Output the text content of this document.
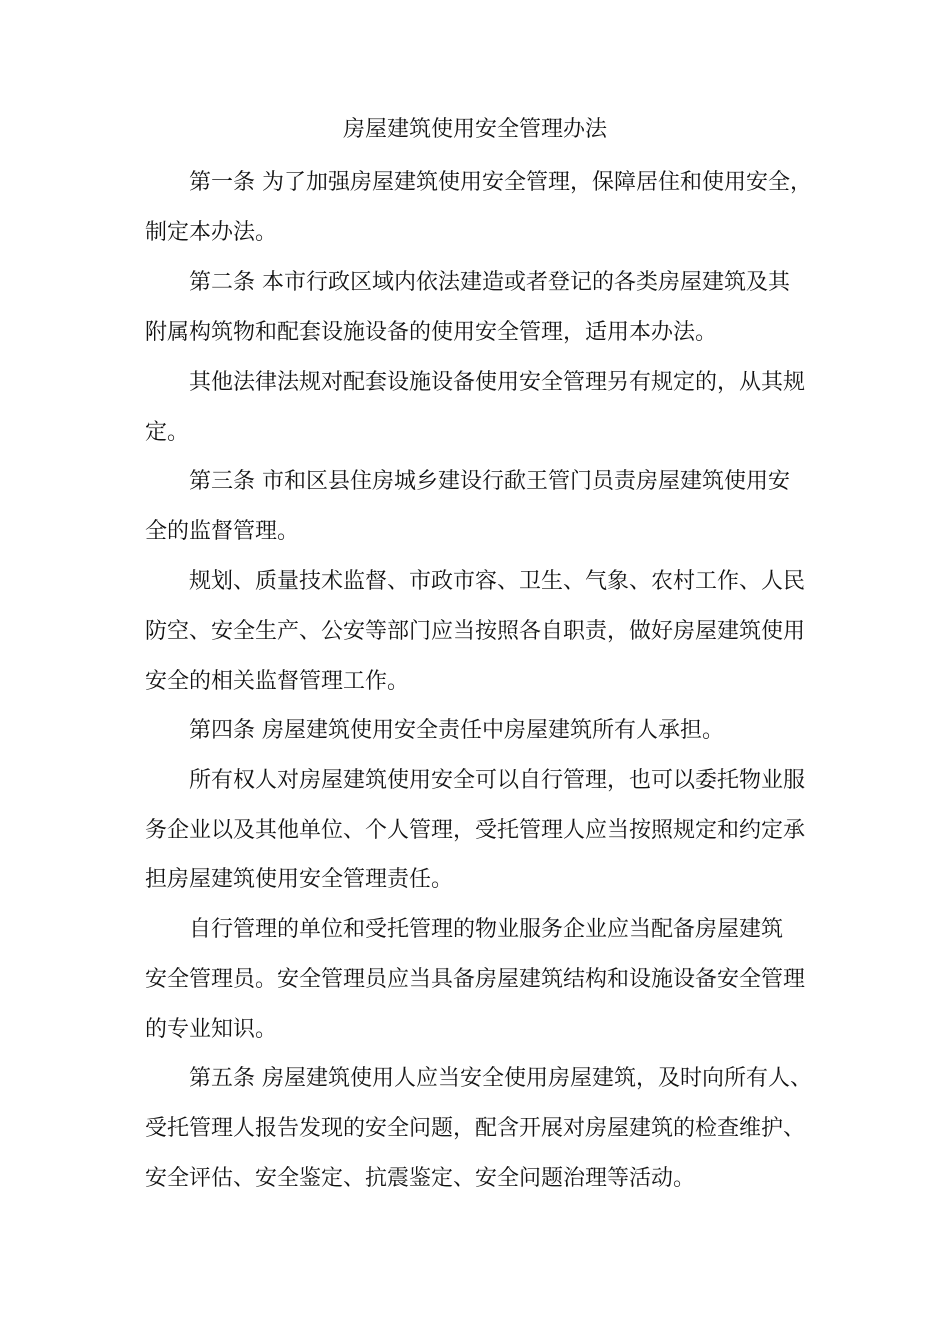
房屋建筑使用安全管理办法

第一条 为了加强房屋建筑使用安全管理，保障居住和使用安全，

制定本办法。

第二条 本市行政区域内依法建造或者登记的各类房屋建筑及其

附属构筑物和配套设施设备的使用安全管理，适用本办法。

其他法律法规对配套设施设备使用安全管理另有规定的，从其规

定。

第三条 市和区县住房城乡建设行歃王管门员责房屋建筑使用安

全的监督管理。

规划、质量技术监督、市政市容、卫生、气象、农村工作、人民

防空、安全生产、公安等部门应当按照各自职责，做好房屋建筑使用

安全的相关监督管理工作。

第四条 房屋建筑使用安全责任中房屋建筑所有人承担。

所有权人对房屋建筑使用安全可以自行管理，也可以委托物业服

务企业以及其他单位、个人管理，受托管理人应当按照规定和约定承

担房屋建筑使用安全管理责任。

自行管理的单位和受托管理的物业服务企业应当配备房屋建筑

安全管理员。安全管理员应当具备房屋建筑结构和设施设备安全管理

的专业知识。

第五条 房屋建筑使用人应当安全使用房屋建筑，及时向所有人、

受托管理人报告发现的安全问题，配含开展对房屋建筑的检查维护、

安全评估、安全鉴定、抗震鉴定、安全问题治理等活动。
